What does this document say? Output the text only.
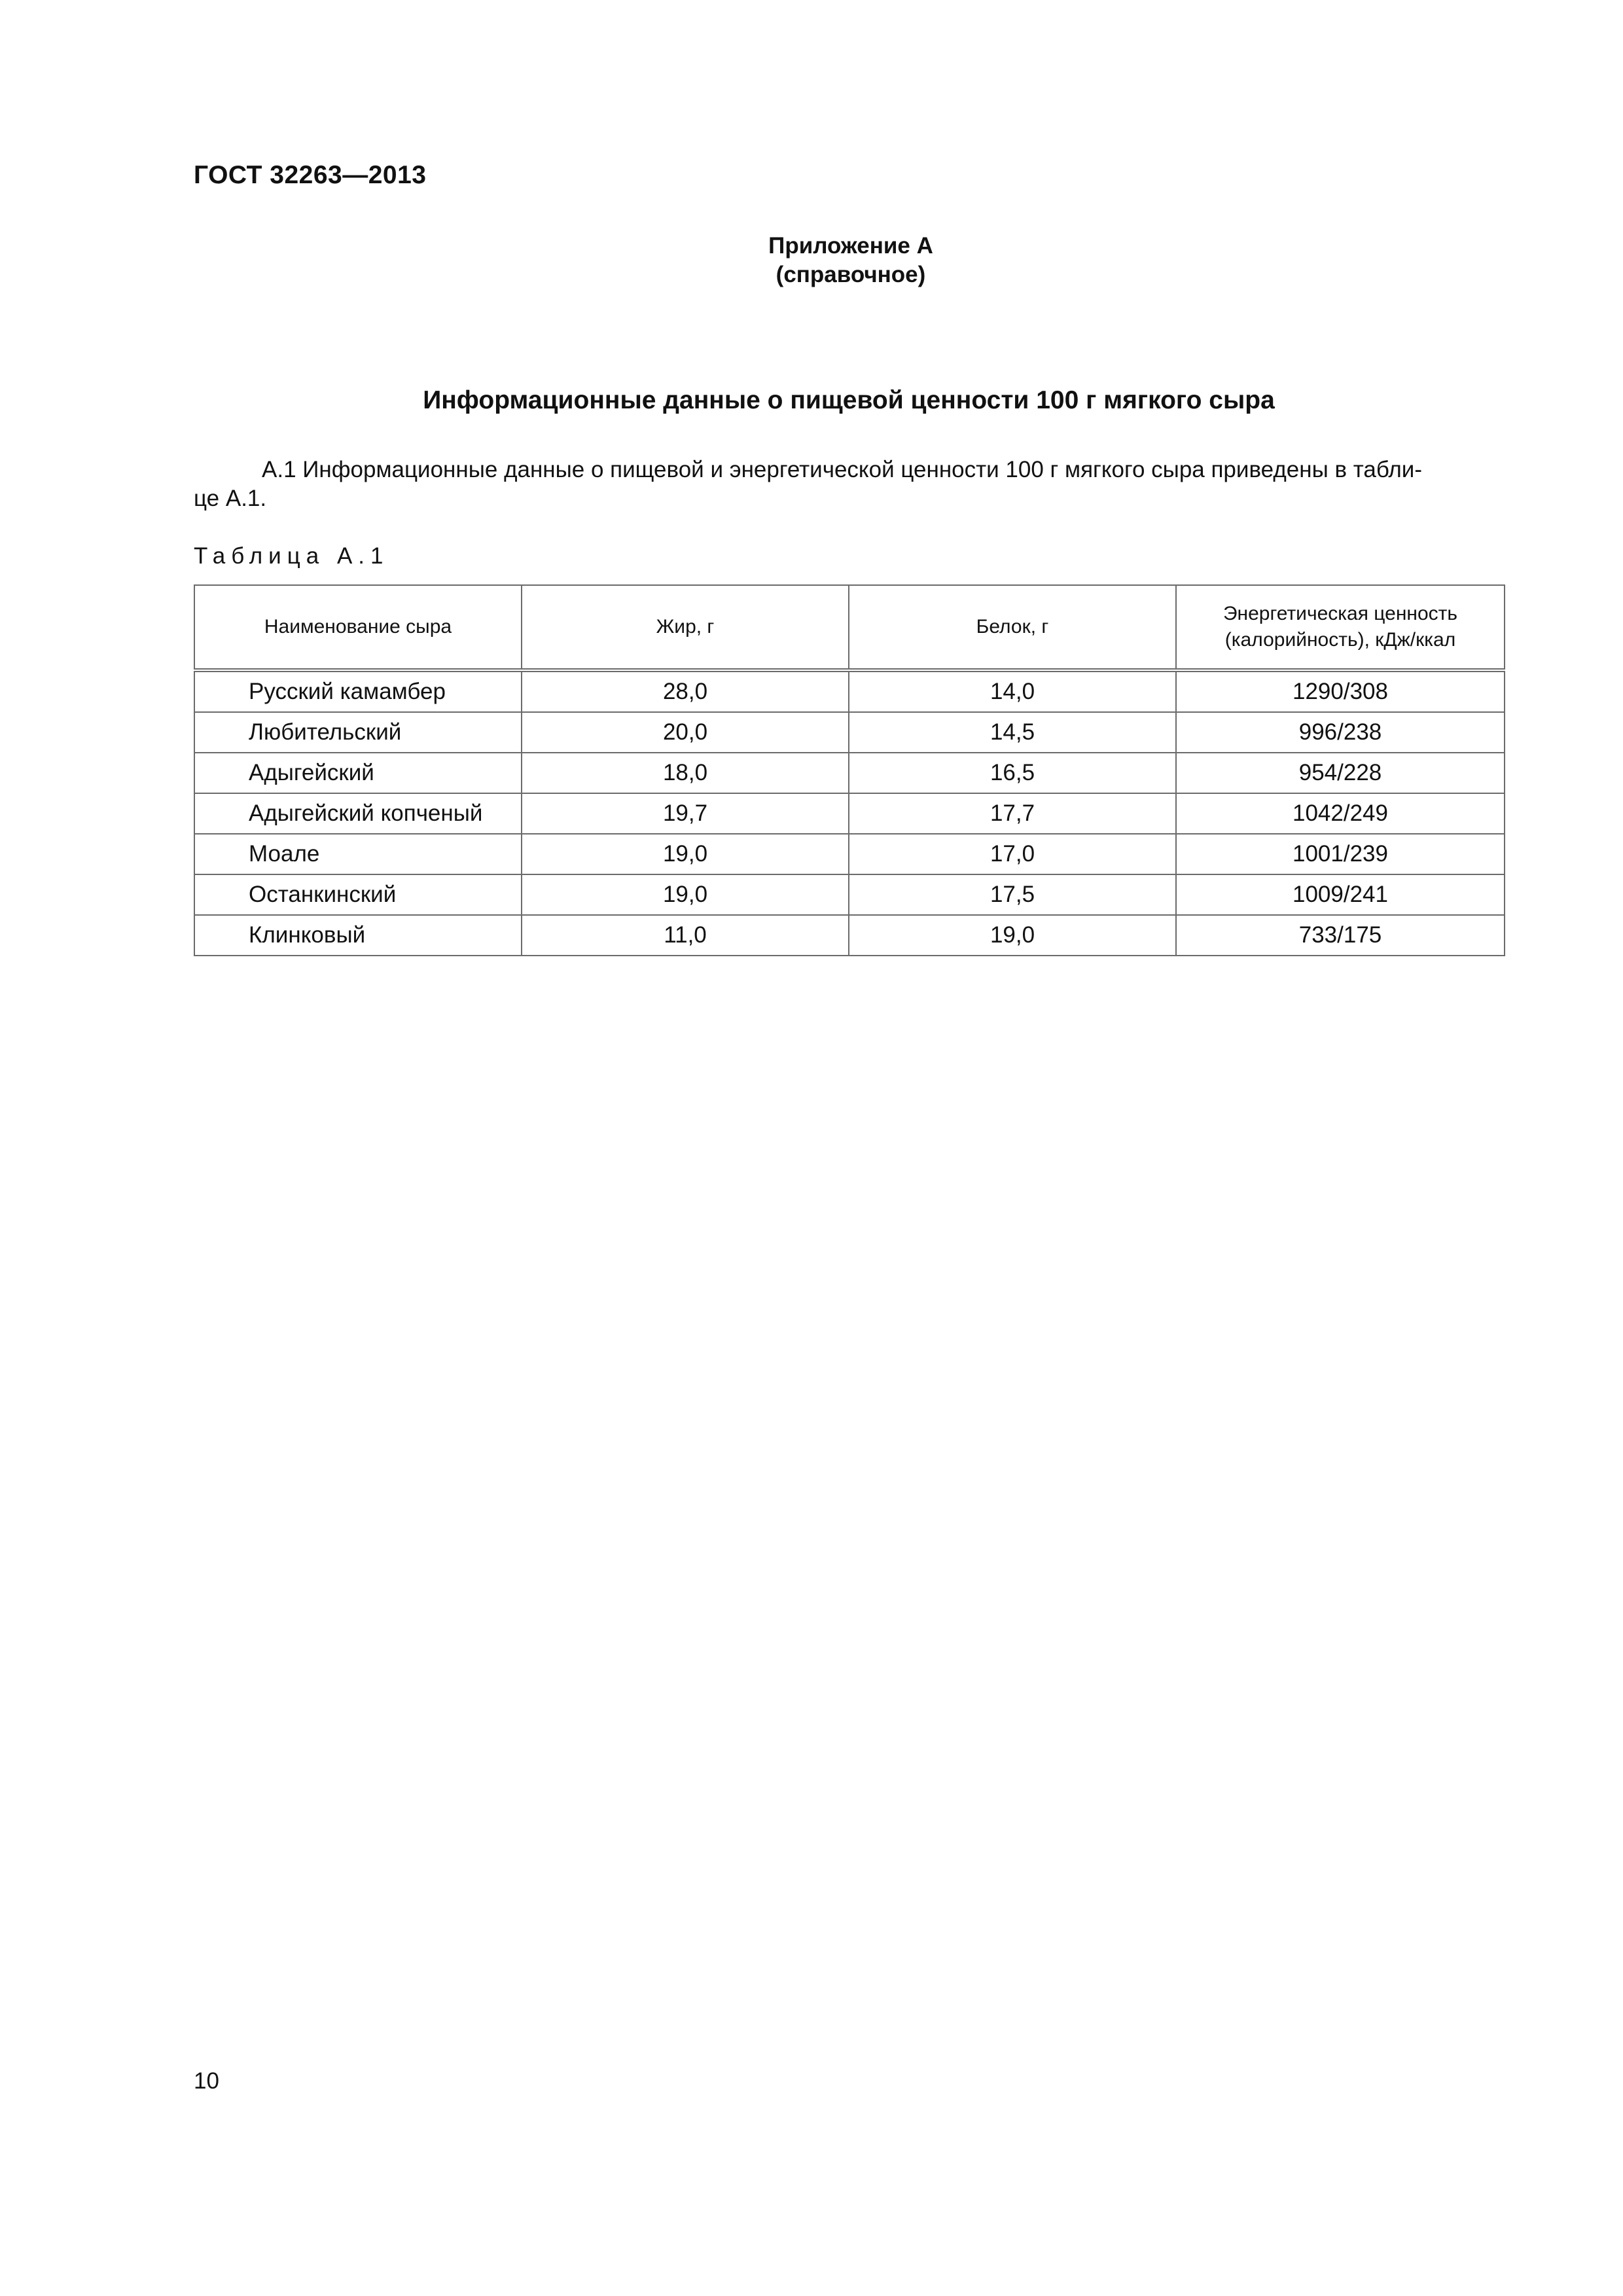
ГОСТ 32263—2013
Приложение А
(справочное)
Информационные данные о пищевой ценности 100 г мягкого сыра
А.1 Информационные данные о пищевой и энергетической ценности 100 г мягкого сыра приведены в табли-
це А.1.
Таблица А.1
Наименование сыра	Жир, г	Белок, г	Энергетическая ценность (калорийность), кДж/ккал
Русский камамбер	28,0	14,0	1290/308
Любительский	20,0	14,5	996/238
Адыгейский	18,0	16,5	954/228
Адыгейский копченый	19,7	17,7	1042/249
Моале	19,0	17,0	1001/239
Останкинский	19,0	17,5	1009/241
Клинковый	11,0	19,0	733/175
10
